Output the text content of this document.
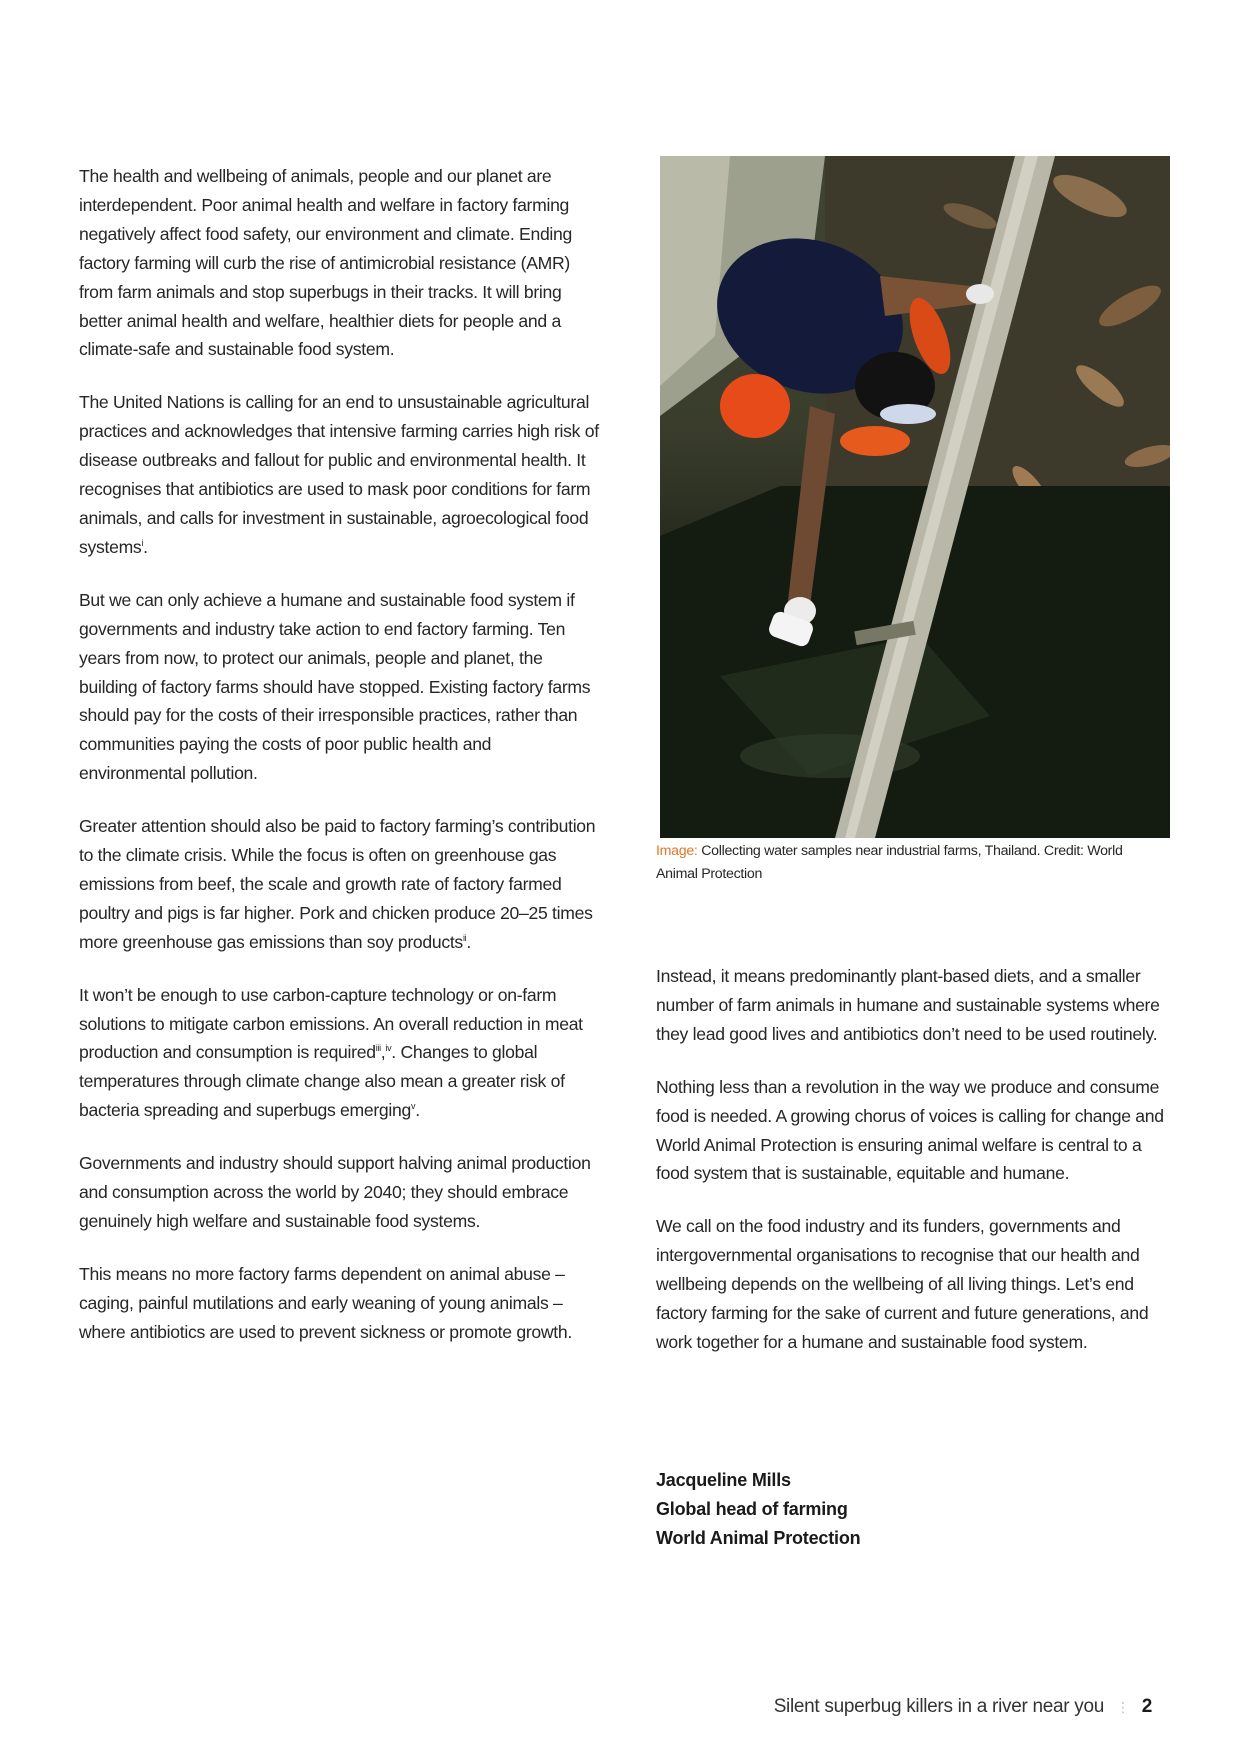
The health and wellbeing of animals, people and our planet are interdependent. Poor animal health and welfare in factory farming negatively affect food safety, our environment and climate. Ending factory farming will curb the rise of antimicrobial resistance (AMR) from farm animals and stop superbugs in their tracks. It will bring better animal health and welfare, healthier diets for people and a climate-safe and sustainable food system.

The United Nations is calling for an end to unsustainable agricultural practices and acknowledges that intensive farming carries high risk of disease outbreaks and fallout for public and environmental health. It recognises that antibiotics are used to mask poor conditions for farm animals, and calls for investment in sustainable, agroecological food systems$^i$.

But we can only achieve a humane and sustainable food system if governments and industry take action to end factory farming. Ten years from now, to protect our animals, people and planet, the building of factory farms should have stopped. Existing factory farms should pay for the costs of their irresponsible practices, rather than communities paying the costs of poor public health and environmental pollution.

Greater attention should also be paid to factory farming’s contribution to the climate crisis. While the focus is often on greenhouse gas emissions from beef, the scale and growth rate of factory farmed poultry and pigs is far higher. Pork and chicken produce 20–25 times more greenhouse gas emissions than soy products$^{ii}$.

It won’t be enough to use carbon-capture technology or on-farm solutions to mitigate carbon emissions. An overall reduction in meat production and consumption is required$^{iii}$,$^{iv}$. Changes to global temperatures through climate change also mean a greater risk of bacteria spreading and superbugs emerging$^v$.

Governments and industry should support halving animal production and consumption across the world by 2040; they should embrace genuinely high welfare and sustainable food systems.

This means no more factory farms dependent on animal abuse – caging, painful mutilations and early weaning of young animals – where antibiotics are used to prevent sickness or promote growth.

Image: Collecting water samples near industrial farms, Thailand. Credit: World Animal Protection

Instead, it means predominantly plant-based diets, and a smaller number of farm animals in humane and sustainable systems where they lead good lives and antibiotics don’t need to be used routinely.

Nothing less than a revolution in the way we produce and consume food is needed. A growing chorus of voices is calling for change and World Animal Protection is ensuring animal welfare is central to a food system that is sustainable, equitable and humane.

We call on the food industry and its funders, governments and intergovernmental organisations to recognise that our health and wellbeing depends on the wellbeing of all living things. Let’s end factory farming for the sake of current and future generations, and work together for a humane and sustainable food system.

Jacqueline Mills
Global head of farming
World Animal Protection
Silent superbug killers in a river near you ⋮ 2
